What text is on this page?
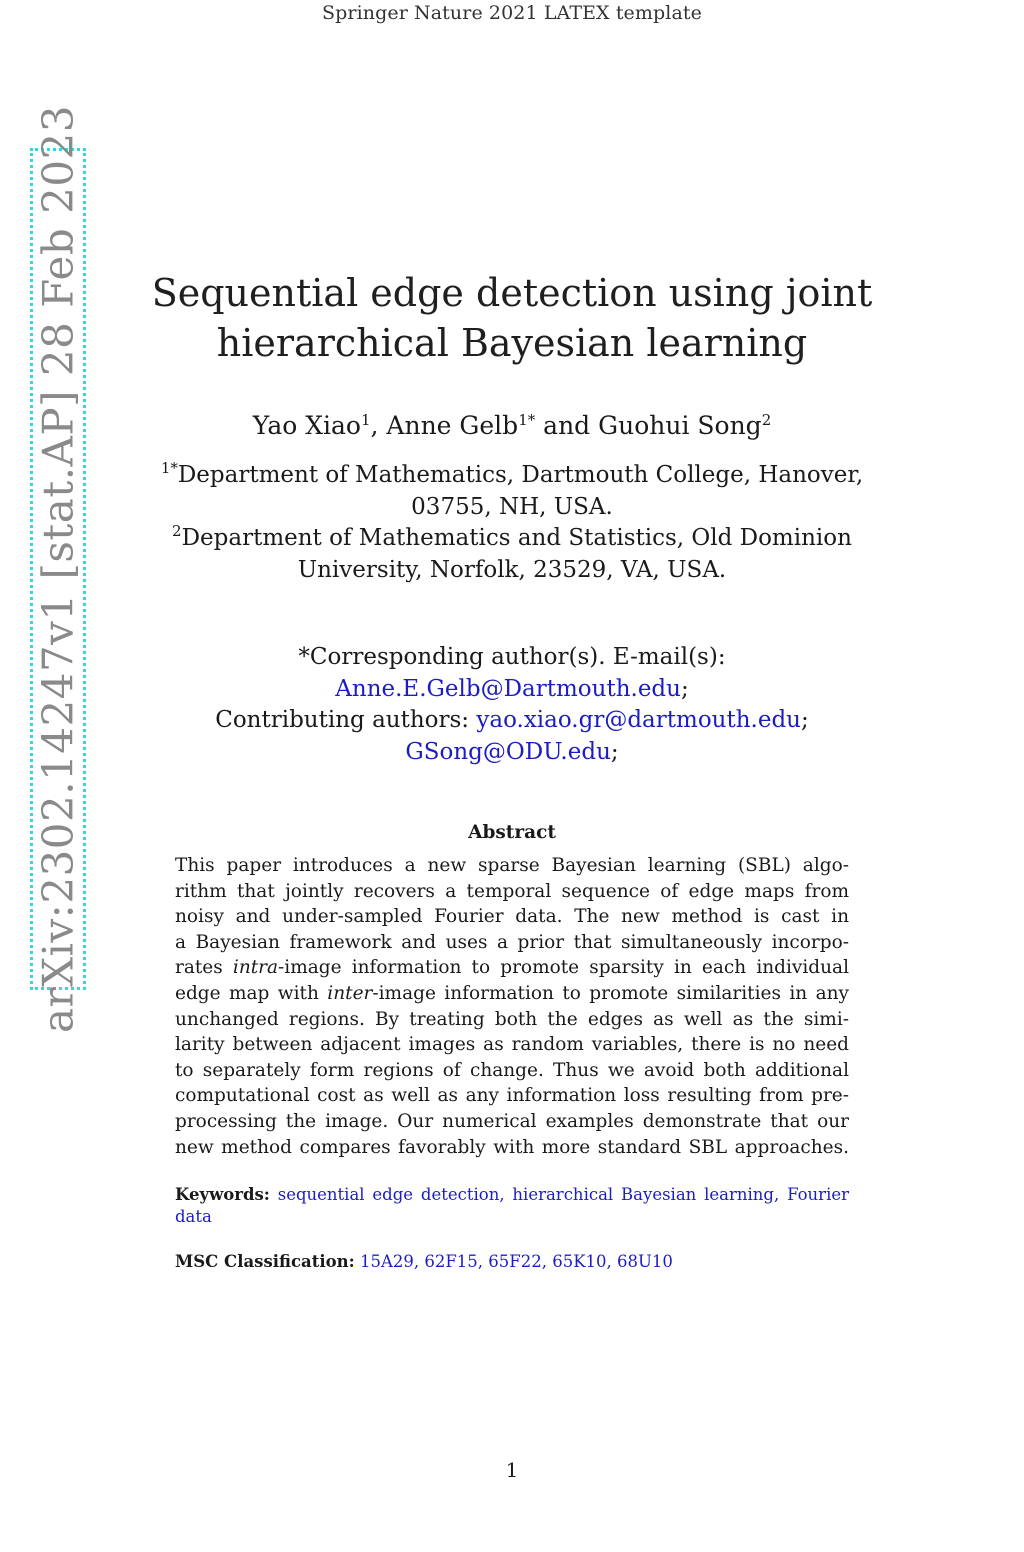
Springer Nature 2021 LATEX template
arXiv:2302.14247v1 [stat.AP] 28 Feb 2023	Sequential edge detection using joint
hierarchical Bayesian learning
Yao Xiao$^1$, Anne Gelb$^{1*}$ and Guohui Song$^2$
$^{1*}$Department of Mathematics, Dartmouth College, Hanover,
03755, NH, USA.
$^2$Department of Mathematics and Statistics, Old Dominion
University, Norfolk, 23529, VA, USA.
*Corresponding author(s). E-mail(s):
Anne.E.Gelb@Dartmouth.edu;
Contributing authors: yao.xiao.gr@dartmouth.edu;
GSong@ODU.edu;
Abstract
This paper introduces a new sparse Bayesian learning (SBL) algo-
rithm that jointly recovers a temporal sequence of edge maps from
noisy and under-sampled Fourier data. The new method is cast in
a Bayesian framework and uses a prior that simultaneously incorpo-
rates intra-image information to promote sparsity in each individual
edge map with inter-image information to promote similarities in any
unchanged regions. By treating both the edges as well as the simi-
larity between adjacent images as random variables, there is no need
to separately form regions of change. Thus we avoid both additional
computational cost as well as any information loss resulting from pre-
processing the image. Our numerical examples demonstrate that our
new method compares favorably with more standard SBL approaches.
Keywords: sequential edge detection, hierarchical Bayesian learning, Fourier
data
MSC Classification: 15A29, 62F15, 65F22, 65K10, 68U10
1
